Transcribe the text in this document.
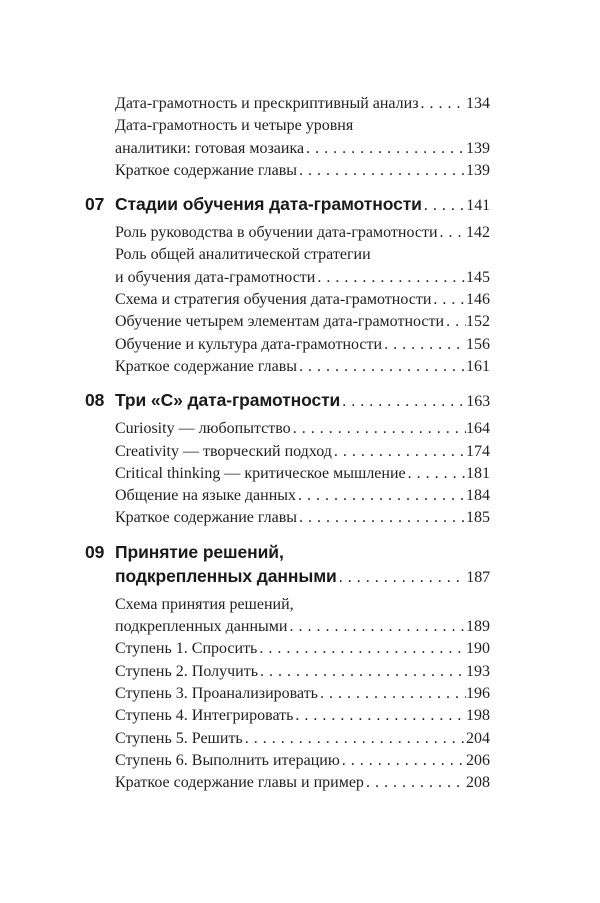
Дата-грамотность и прескриптивный анализ . . .	134
Дата-грамотность и четыре уровня
аналитики: готовая мозаика . . .	139
Краткое содержание главы . . .	139
07 Стадии обучения дата-грамотности . . .	141
Роль руководства в обучении дата-грамотности . . . 142
Роль общей аналитической стратегии
и обучения дата-грамотности . . .	145
Схема и стратегия обучения дата-грамотности . . . 146
Обучение четырем элементам дата-грамотности . . . 152
Обучение и культура дата-грамотности . . .	156
Краткое содержание главы . . .	161
08 Три «С» дата-грамотности . . .	163
Curiosity — любопытство . . .	164
Creativity — творческий подход . . .	174
Critical thinking — критическое мышление . . .	181
Общение на языке данных . . .	184
Краткое содержание главы . . .	185
09 Принятие решений,
подкрепленных данными . . .	187
Схема принятия решений,
подкрепленных данными . . .	189
Ступень 1. Спросить . . .	190
Ступень 2. Получить . . .	193
Ступень 3. Проанализировать . . .	196
Ступень 4. Интегрировать . . .	198
Ступень 5. Решить . . .	204
Ступень 6. Выполнить итерацию . . .	206
Краткое содержание главы и пример . . .	208
